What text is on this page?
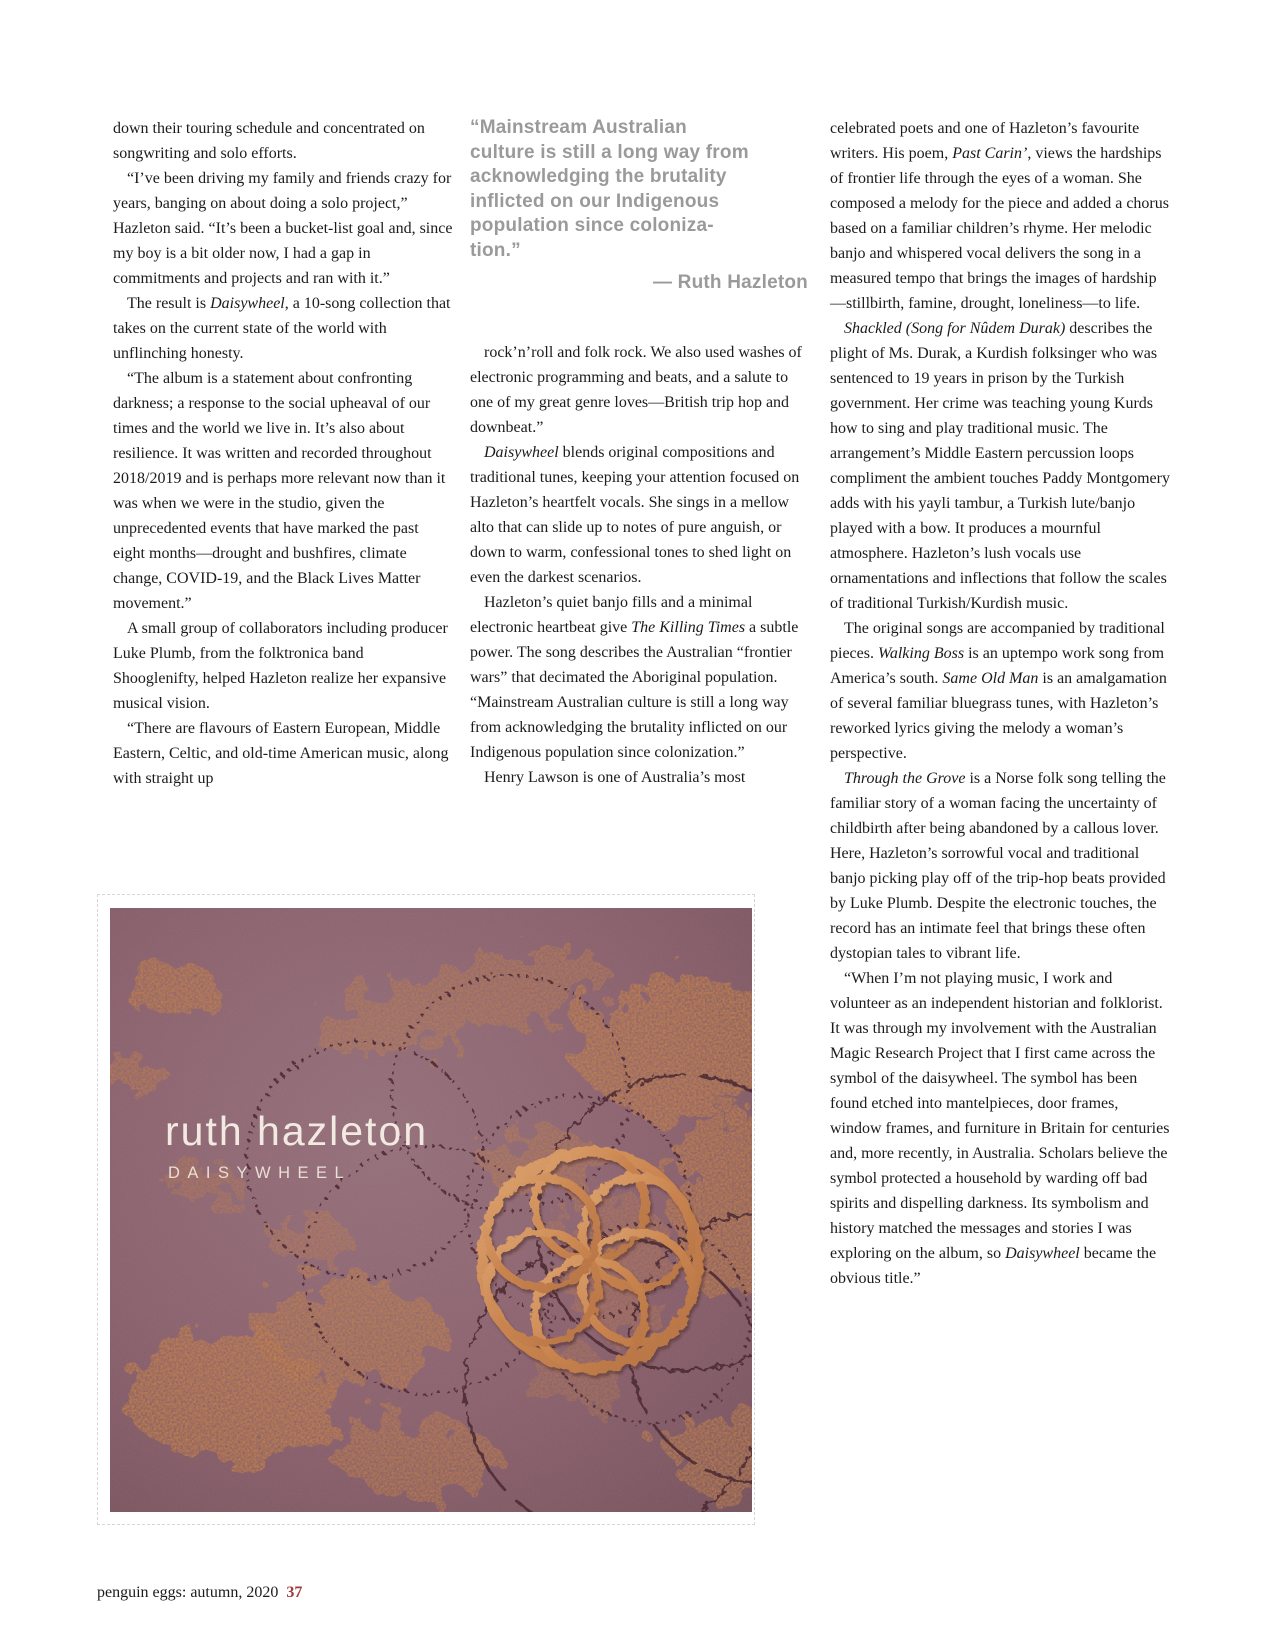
“Mainstream Australian
culture is still a long way from
acknowledging the brutality
inflicted on our Indigenous
population since coloniza-
tion.”
— Ruth Hazleton

down their touring schedule and concentrated on songwriting and solo efforts.

“I’ve been driving my family and friends crazy for years, banging on about doing a solo project,” Hazleton said. “It’s been a bucket-list goal and, since my boy is a bit older now, I had a gap in commitments and projects and ran with it.”

The result is Daisywheel, a 10-song collection that takes on the current state of the world with unflinching honesty.

“The album is a statement about confronting darkness; a response to the social upheaval of our times and the world we live in. It’s also about resilience. It was written and recorded throughout 2018/2019 and is perhaps more relevant now than it was when we were in the studio, given the unprecedented events that have marked the past eight months—drought and bushfires, climate change, COVID-19, and the Black Lives Matter movement.”

A small group of collaborators including producer Luke Plumb, from the folktronica band Shooglenifty, helped Hazleton realize her expansive musical vision.

“There are flavours of Eastern European, Middle Eastern, Celtic, and old-time American music, along with straight up

rock’n’roll and folk rock. We also used washes of electronic programming and beats, and a salute to one of my great genre loves—British trip hop and downbeat.”

Daisywheel blends original compositions and traditional tunes, keeping your attention focused on Hazleton’s heartfelt vocals. She sings in a mellow alto that can slide up to notes of pure anguish, or down to warm, confessional tones to shed light on even the darkest scenarios.

Hazleton’s quiet banjo fills and a minimal electronic heartbeat give The Killing Times a subtle power. The song describes the Australian “frontier wars” that decimated the Aboriginal population. “Mainstream Australian culture is still a long way from acknowledging the brutality inflicted on our Indigenous population since colonization.”

Henry Lawson is one of Australia’s most

celebrated poets and one of Hazleton’s favourite writers. His poem, Past Carin’, views the hardships of frontier life through the eyes of a woman. She composed a melody for the piece and added a chorus based on a familiar children’s rhyme. Her melodic banjo and whispered vocal delivers the song in a measured tempo that brings the images of hardship—stillbirth, famine, drought, loneliness—to life.

Shackled (Song for Nûdem Durak) describes the plight of Ms. Durak, a Kurdish folksinger who was sentenced to 19 years in prison by the Turkish government. Her crime was teaching young Kurds how to sing and play traditional music. The arrangement’s Middle Eastern percussion loops compliment the ambient touches Paddy Montgomery adds with his yayli tambur, a Turkish lute/banjo played with a bow. It produces a mournful atmosphere. Hazleton’s lush vocals use ornamentations and inflections that follow the scales of traditional Turkish/Kurdish music.

The original songs are accompanied by traditional pieces. Walking Boss is an uptempo work song from America’s south. Same Old Man is an amalgamation of several familiar bluegrass tunes, with Hazleton’s reworked lyrics giving the melody a woman’s perspective.

Through the Grove is a Norse folk song telling the familiar story of a woman facing the uncertainty of childbirth after being abandoned by a callous lover. Here, Hazleton’s sorrowful vocal and traditional banjo picking play off of the trip-hop beats provided by Luke Plumb. Despite the electronic touches, the record has an intimate feel that brings these often dystopian tales to vibrant life.

“When I’m not playing music, I work and volunteer as an independent historian and folklorist. It was through my involvement with the Australian Magic Research Project that I first came across the symbol of the daisywheel. The symbol has been found etched into mantelpieces, door frames, window frames, and furniture in Britain for centuries and, more recently, in Australia. Scholars believe the symbol protected a household by warding off bad spirits and dispelling darkness. Its symbolism and history matched the messages and stories I was exploring on the album, so Daisywheel became the obvious title.”

ruth hazleton
DAISYWHEEL
penguin eggs: autumn, 2020 37
